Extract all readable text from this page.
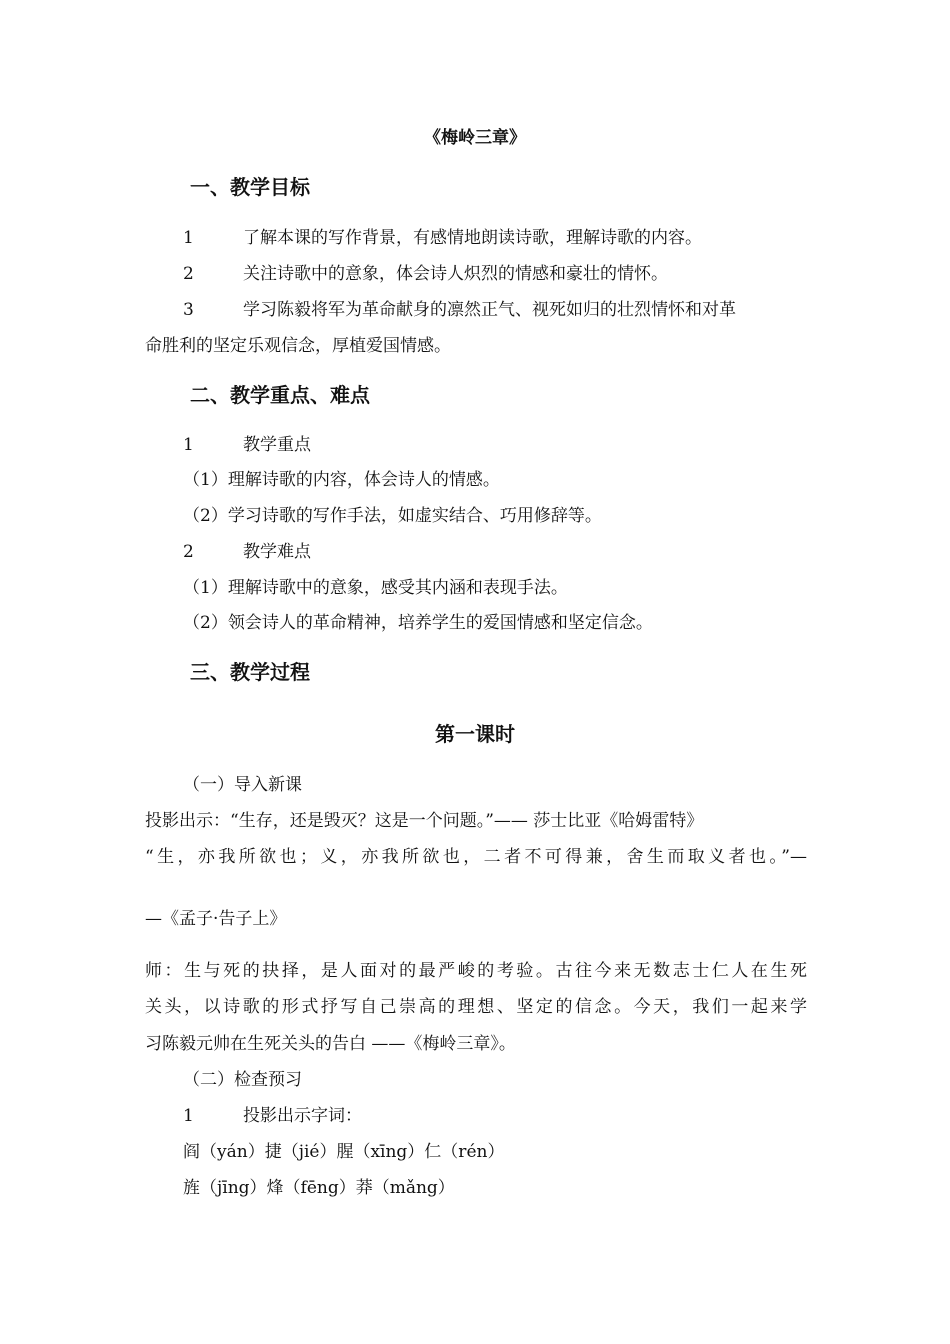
《梅岭三章》
一、教学目标
1	了解本课的写作背景，有感情地朗读诗歌，理解诗歌的内容。
2	关注诗歌中的意象，体会诗人炽烈的情感和豪壮的情怀。
3	学习陈毅将军为革命献身的凛然正气、视死如归的壮烈情怀和对革
命胜利的坚定乐观信念，厚植爱国情感。
二、教学重点、难点
1	教学重点
（1）理解诗歌的内容，体会诗人的情感。
（2）学习诗歌的写作手法，如虚实结合、巧用修辞等。
2	教学难点
（1）理解诗歌中的意象，感受其内涵和表现手法。
（2）领会诗人的革命精神，培养学生的爱国情感和坚定信念。
三、教学过程
第一课时
（一）导入新课
投影出示：“生存，还是毁灭？这是一个问题。”—— 莎士比亚《哈姆雷特》
“生，亦我所欲也；义，亦我所欲也，二者不可得兼，舍生而取义者也。”—
—《孟子·告子上》
师：生与死的抉择，是人面对的最严峻的考验。古往今来无数志士仁人在生死
关头，以诗歌的形式抒写自己崇高的理想、坚定的信念。今天，我们一起来学
习陈毅元帅在生死关头的告白 ——《梅岭三章》。
（二）检查预习
1	投影出示字词：
阎（yán）捷（jié）腥（xīng）仁（rén）
旌（jīng）烽（fēng）莽（mǎng）
